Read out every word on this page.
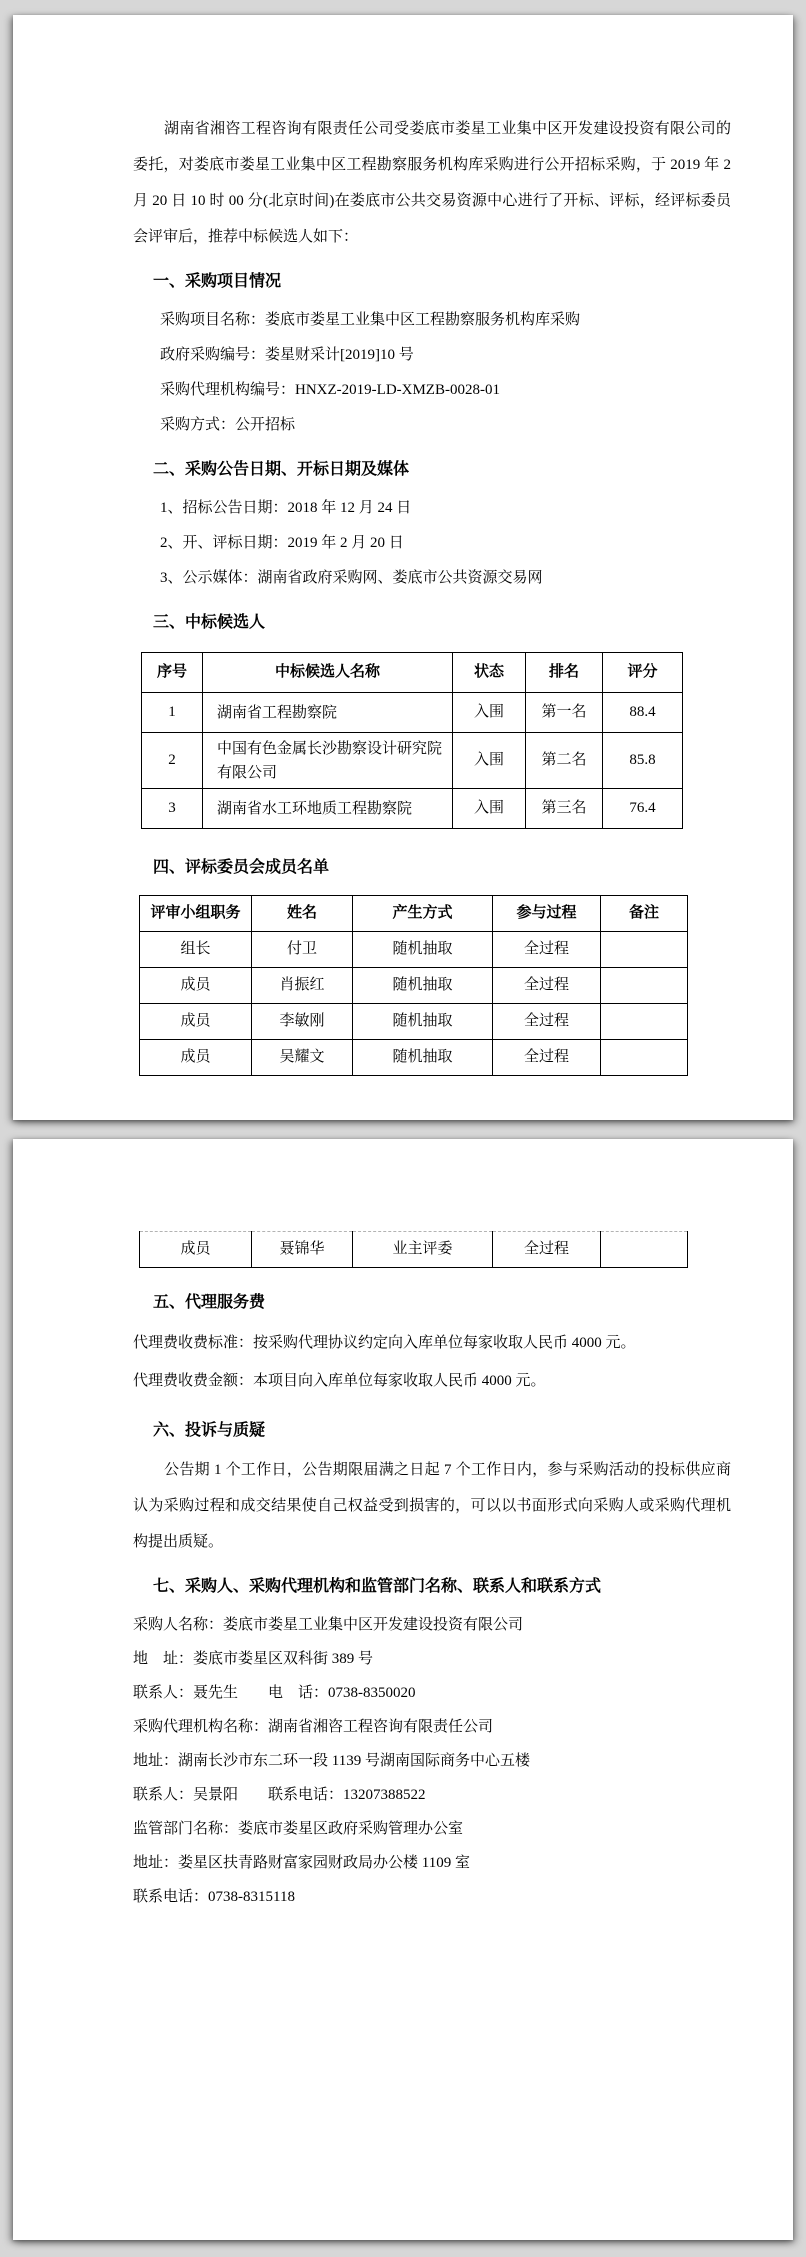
湖南省湘咨工程咨询有限责任公司受娄底市娄星工业集中区开发建设投资有限公司的委托，对娄底市娄星工业集中区工程勘察服务机构库采购进行公开招标采购，于 2019 年 2 月 20 日 10 时 00 分(北京时间)在娄底市公共交易资源中心进行了开标、评标，经评标委员会评审后，推荐中标候选人如下：

一、采购项目情况
采购项目名称：娄底市娄星工业集中区工程勘察服务机构库采购
政府采购编号：娄星财采计[2019]10 号
采购代理机构编号：HNXZ-2019-LD-XMZB-0028-01
采购方式：公开招标
二、采购公告日期、开标日期及媒体
1、招标公告日期：2018 年 12 月 24 日
2、开、评标日期：2019 年 2 月 20 日
3、公示媒体：湖南省政府采购网、娄底市公共资源交易网
三、中标候选人
序号	中标候选人名称	状态	排名	评分
1	湖南省工程勘察院	入围	第一名	88.4
2	中国有色金属长沙勘察设计研究院有限公司	入围	第二名	85.8
3	湖南省水工环地质工程勘察院	入围	第三名	76.4
四、评标委员会成员名单
评审小组职务	姓名	产生方式	参与过程	备注
组长	付卫	随机抽取	全过程	
成员	肖振红	随机抽取	全过程	
成员	李敏刚	随机抽取	全过程	
成员	吴耀文	随机抽取	全过程	
成员	聂锦华	业主评委	全过程	
五、代理服务费
代理费收费标准：按采购代理协议约定向入库单位每家收取人民币 4000 元。
代理费收费金额：本项目向入库单位每家收取人民币 4000 元。
六、投诉与质疑

公告期 1 个工作日，公告期限届满之日起 7 个工作日内，参与采购活动的投标供应商认为采购过程和成交结果使自己权益受到损害的，可以以书面形式向采购人或采购代理机构提出质疑。

七、采购人、采购代理机构和监管部门名称、联系人和联系方式
采购人名称：娄底市娄星工业集中区开发建设投资有限公司
地　址：娄底市娄星区双科街 389 号
联系人：聂先生　　电　话：0738-8350020
采购代理机构名称：湖南省湘咨工程咨询有限责任公司
地址：湖南长沙市东二环一段 1139 号湖南国际商务中心五楼
联系人：吴景阳　　联系电话：13207388522
监管部门名称：娄底市娄星区政府采购管理办公室
地址：娄星区扶青路财富家园财政局办公楼 1109 室
联系电话：0738-8315118
